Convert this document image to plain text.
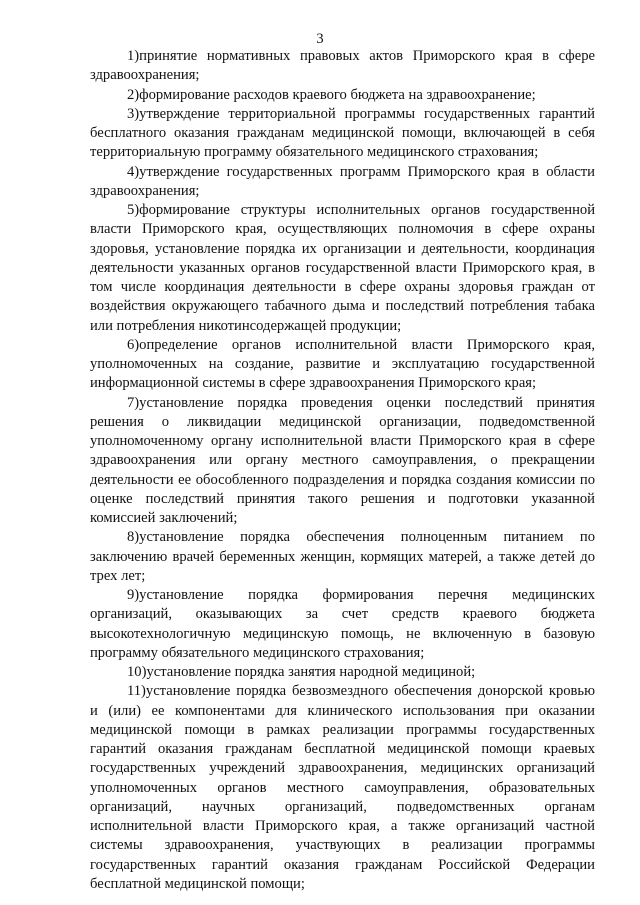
3

1)принятие нормативных правовых актов Приморского края в сфере здравоохранения;

2)формирование расходов краевого бюджета на здравоохранение;

3)утверждение территориальной программы государственных гарантий бесплатного оказания гражданам медицинской помощи, включающей в себя территориальную программу обязательного медицинского страхования;

4)утверждение государственных программ Приморского края в области здравоохранения;

5)формирование структуры исполнительных органов государственной власти Приморского края, осуществляющих полномочия в сфере охраны здоровья, установление порядка их организации и деятельности, координация деятельности указанных органов государственной власти Приморского края, в том числе координация деятельности в сфере охраны здоровья граждан от воздействия окружающего табачного дыма и последствий потребления табака или потребления никотинсодержащей продукции;

6)определение органов исполнительной власти Приморского края, уполномоченных на создание, развитие и эксплуатацию государственной информационной системы в сфере здравоохранения Приморского края;

7)установление порядка проведения оценки последствий принятия решения о ликвидации медицинской организации, подведомственной уполномоченному органу исполнительной власти Приморского края в сфере здравоохранения или органу местного самоуправления, о прекращении деятельности ее обособленного подразделения и порядка создания комиссии по оценке последствий принятия такого решения и подготовки указанной комиссией заключений;

8)установление порядка обеспечения полноценным питанием по заключению врачей беременных женщин, кормящих матерей, а также детей до трех лет;

9)установление порядка формирования перечня медицинских организаций, оказывающих за счет средств краевого бюджета высокотехнологичную медицинскую помощь, не включенную в базовую программу обязательного медицинского страхования;

10)установление порядка занятия народной медициной;

11)установление порядка безвозмездного обеспечения донорской кровью и (или) ее компонентами для клинического использования при оказании медицинской помощи в рамках реализации программы государственных гарантий оказания гражданам бесплатной медицинской помощи краевых государственных учреждений здравоохранения, медицинских организаций уполномоченных органов местного самоуправления, образовательных организаций, научных организаций, подведомственных органам исполнительной власти Приморского края, а также организаций частной системы здравоохранения, участвующих в реализации программы государственных гарантий оказания гражданам Российской Федерации бесплатной медицинской помощи;
